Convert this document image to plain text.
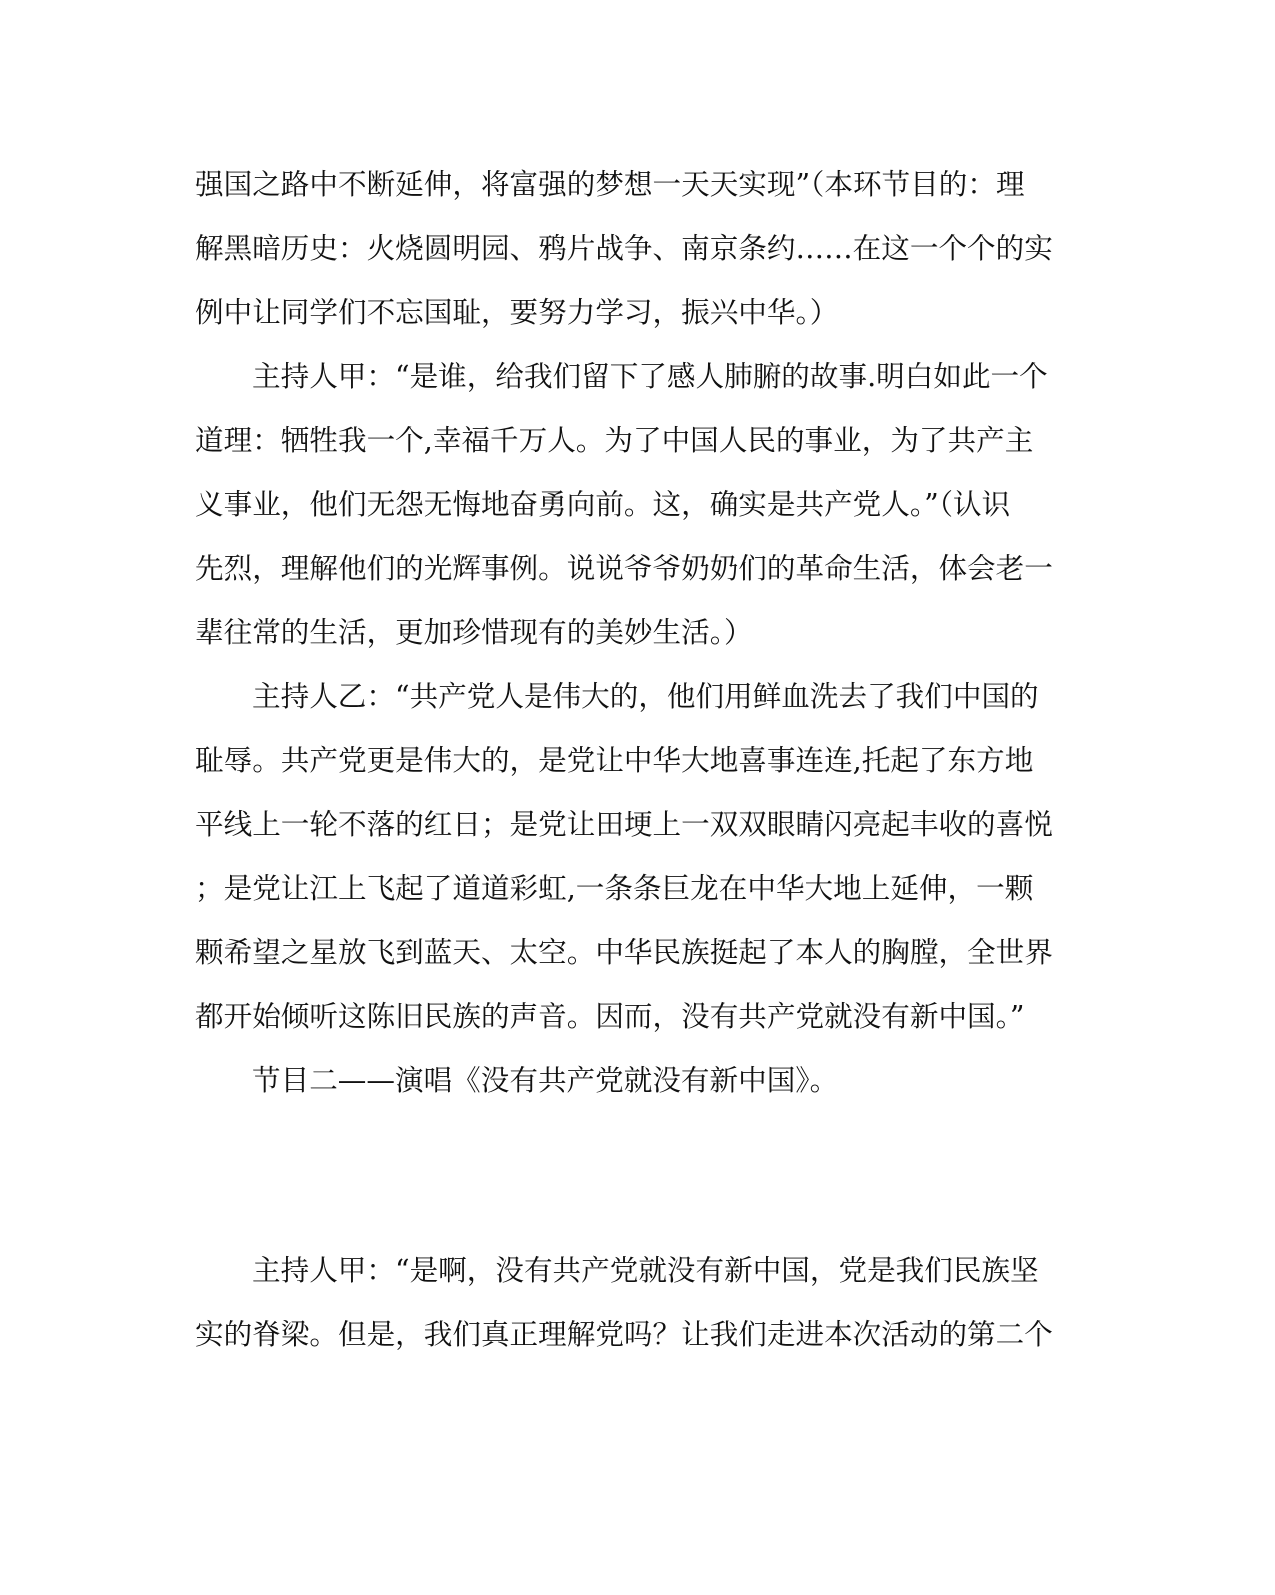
强国之路中不断延伸，将富强的梦想一天天实现”（本环节目的：理
解黑暗历史：火烧圆明园、鸦片战争、南京条约……在这一个个的实
例中让同学们不忘国耻，要努力学习，振兴中华。）
主持人甲：“是谁，给我们留下了感人肺腑的故事.明白如此一个
道理：牺牲我一个,幸福千万人。为了中国人民的事业，为了共产主
义事业，他们无怨无悔地奋勇向前。这，确实是共产党人。”（认识
先烈，理解他们的光辉事例。说说爷爷奶奶们的革命生活，体会老一
辈往常的生活，更加珍惜现有的美妙生活。）
主持人乙：“共产党人是伟大的，他们用鲜血洗去了我们中国的
耻辱。共产党更是伟大的，是党让中华大地喜事连连,托起了东方地
平线上一轮不落的红日；是党让田埂上一双双眼睛闪亮起丰收的喜悦
；是党让江上飞起了道道彩虹,一条条巨龙在中华大地上延伸，一颗
颗希望之星放飞到蓝天、太空。中华民族挺起了本人的胸膛，全世界
都开始倾听这陈旧民族的声音。因而，没有共产党就没有新中国。”
节目二——演唱《没有共产党就没有新中国》。
主持人甲：“是啊，没有共产党就没有新中国，党是我们民族坚
实的脊梁。但是，我们真正理解党吗？让我们走进本次活动的第二个
